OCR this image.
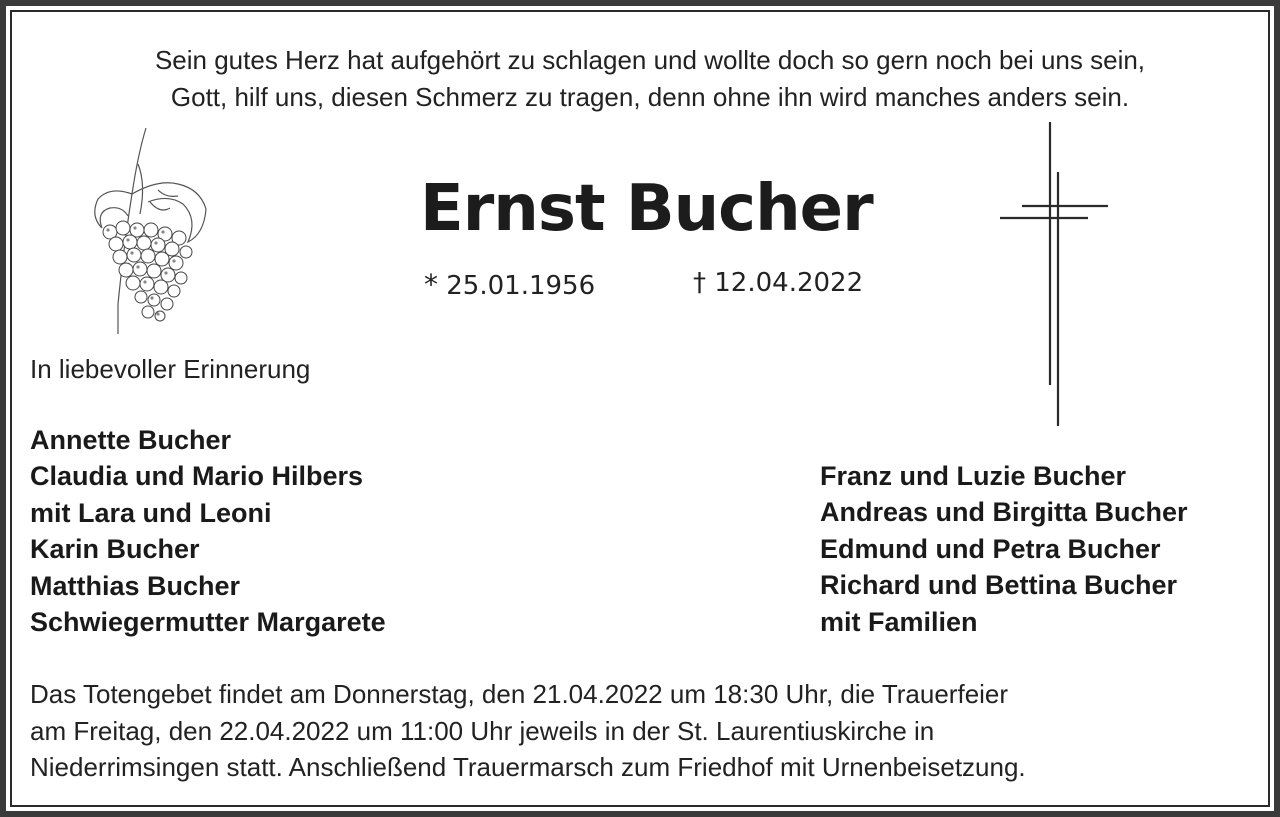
Sein gutes Herz hat aufgehört zu schlagen und wollte doch so gern noch bei uns sein,
Gott, hilf uns, diesen Schmerz zu tragen, denn ohne ihn wird manches anders sein.
Ernst Bucher
* 25.01.1956	† 12.04.2022
In liebevoller Erinnerung
Annette Bucher
Claudia und Mario Hilbers
mit Lara und Leoni
Karin Bucher
Matthias Bucher
Schwiegermutter Margarete
Franz und Luzie Bucher
Andreas und Birgitta Bucher
Edmund und Petra Bucher
Richard und Bettina Bucher
mit Familien
Das Totengebet findet am Donnerstag, den 21.04.2022 um 18:30 Uhr, die Trauerfeier
am Freitag, den 22.04.2022 um 11:00 Uhr jeweils in der St. Laurentiuskirche in
Niederrimsingen statt. Anschließend Trauermarsch zum Friedhof mit Urnenbeisetzung.
